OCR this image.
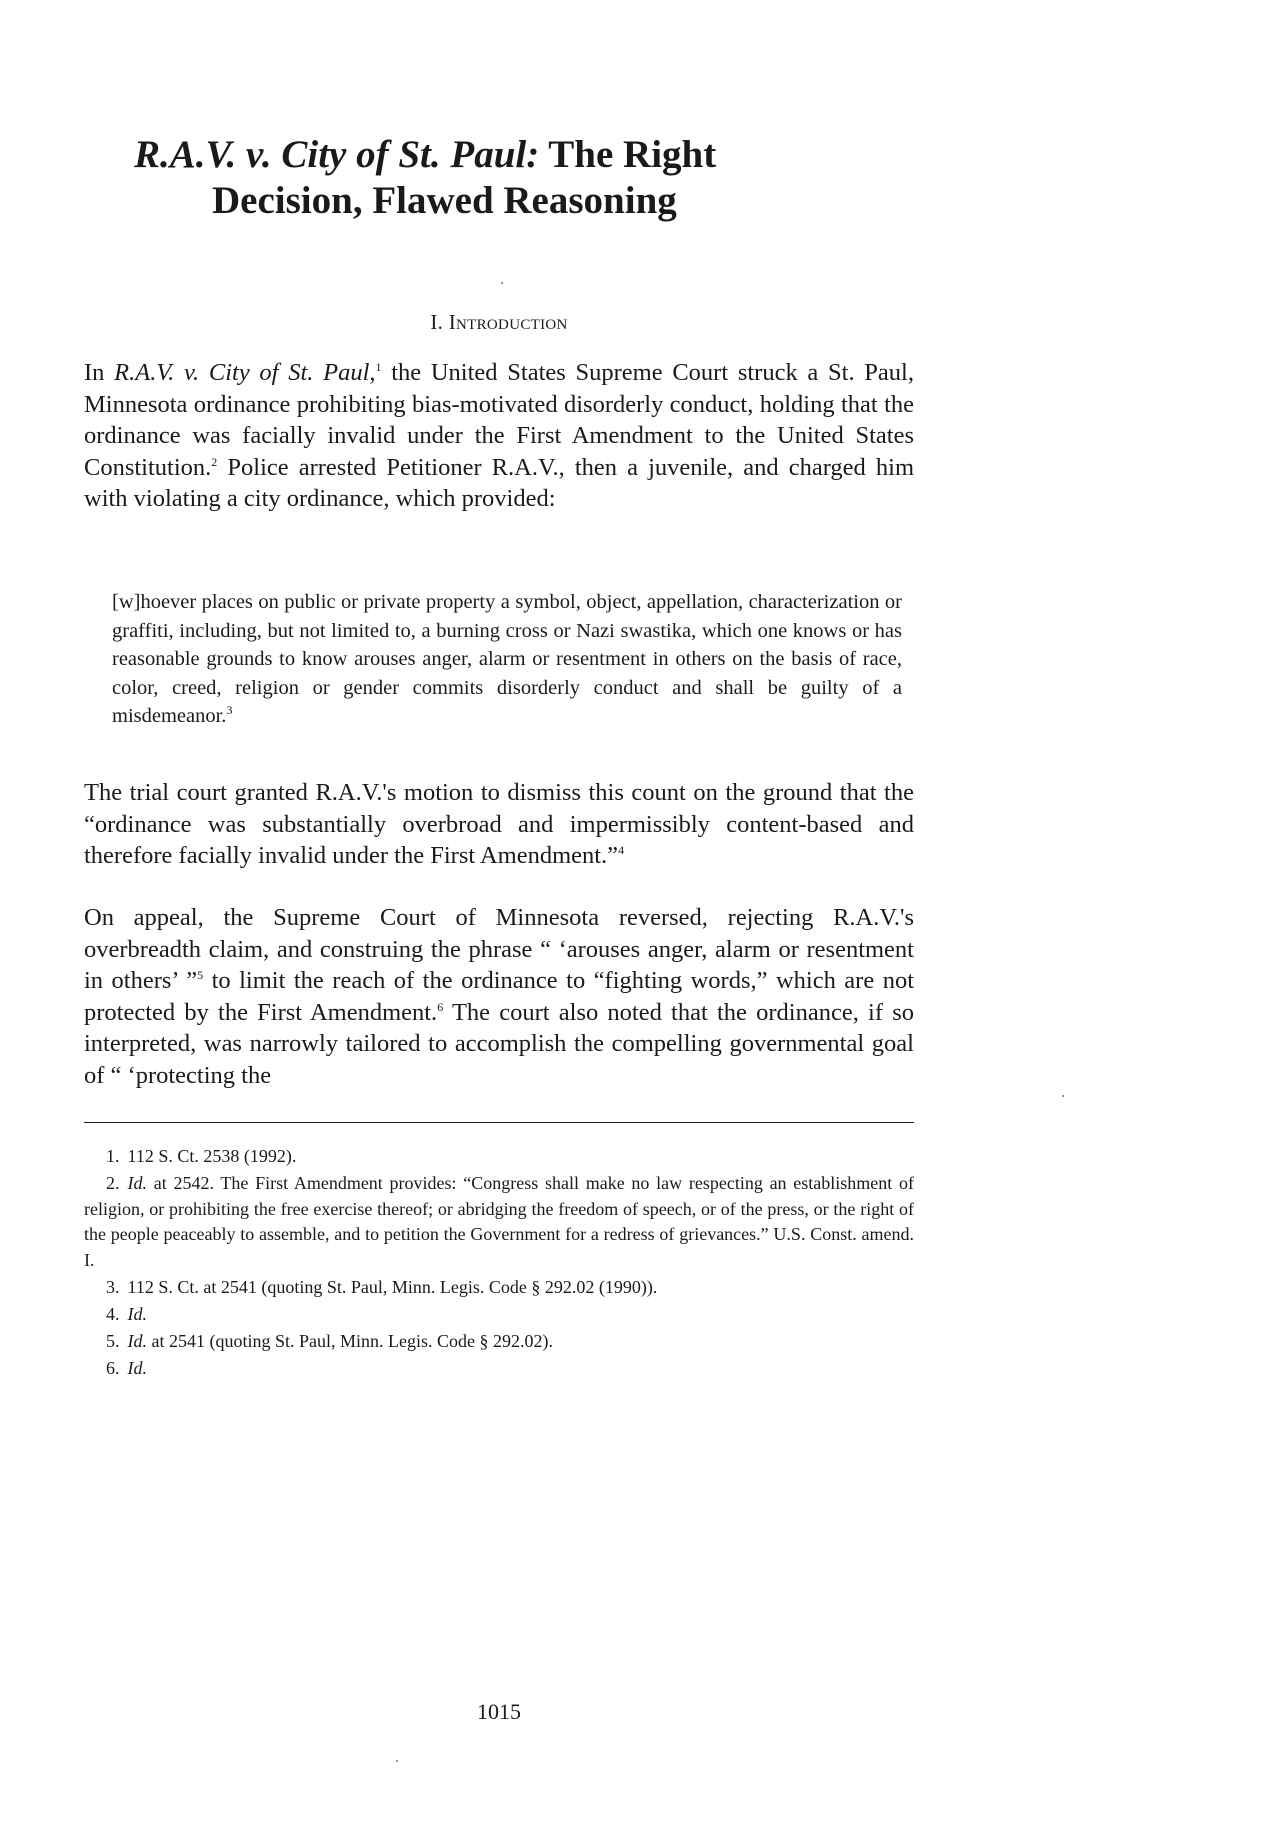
R.A.V. v. City of St. Paul: The Right
Decision, Flawed Reasoning
I. Introduction

In R.A.V. v. City of St. Paul,$^1$ the United States Supreme Court struck a St. Paul, Minnesota ordinance prohibiting bias-motivated disorderly conduct, holding that the ordinance was facially invalid under the First Amendment to the United States Constitution.$^2$ Police arrested Petitioner R.A.V., then a juvenile, and charged him with violating a city ordinance, which provided:

[w]hoever places on public or private property a symbol, object, appellation, characterization or graffiti, including, but not limited to, a burning cross or Nazi swastika, which one knows or has reasonable grounds to know arouses anger, alarm or resentment in others on the basis of race, color, creed, religion or gender commits disorderly conduct and shall be guilty of a misdemeanor.$^3$

The trial court granted R.A.V.'s motion to dismiss this count on the ground that the “ordinance was substantially overbroad and impermissibly content-based and therefore facially invalid under the First Amendment.”$^4$

On appeal, the Supreme Court of Minnesota reversed, rejecting R.A.V.'s overbreadth claim, and construing the phrase “ ‘arouses anger, alarm or resentment in others’ ”$^5$ to limit the reach of the ordinance to “fighting words,” which are not protected by the First Amendment.$^6$ The court also noted that the ordinance, if so interpreted, was narrowly tailored to accomplish the compelling governmental goal of “ ‘protecting the

1. 112 S. Ct. 2538 (1992).
2. Id. at 2542. The First Amendment provides: “Congress shall make no law respecting an establishment of religion, or prohibiting the free exercise thereof; or abridging the freedom of speech, or of the press, or the right of the people peaceably to assemble, and to petition the Government for a redress of grievances.” U.S. Const. amend. I.
3. 112 S. Ct. at 2541 (quoting St. Paul, Minn. Legis. Code § 292.02 (1990)).
4. Id.
5. Id. at 2541 (quoting St. Paul, Minn. Legis. Code § 292.02).
6. Id.
1015
